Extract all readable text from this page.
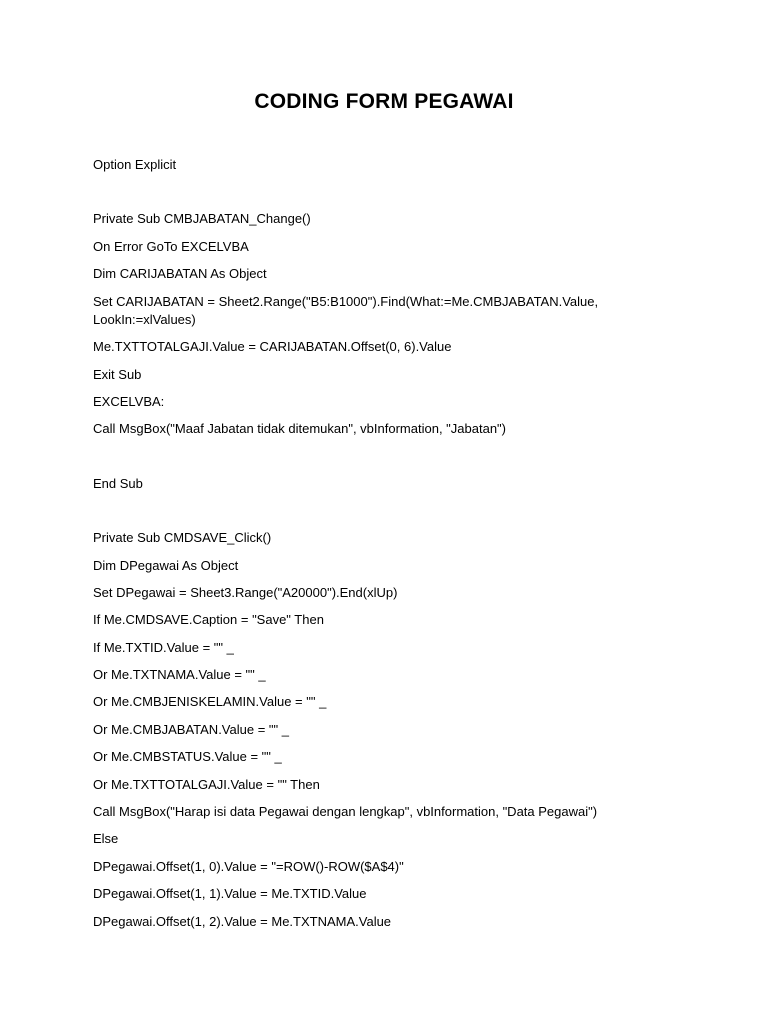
CODING FORM PEGAWAI
Option Explicit
Private Sub CMBJABATAN_Change()
On Error GoTo EXCELVBA
Dim CARIJABATAN As Object
Set CARIJABATAN = Sheet2.Range("B5:B1000").Find(What:=Me.CMBJABATAN.Value,
LookIn:=xlValues)
Me.TXTTOTALGAJI.Value = CARIJABATAN.Offset(0, 6).Value
Exit Sub
EXCELVBA:
Call MsgBox("Maaf Jabatan tidak ditemukan", vbInformation, "Jabatan")
End Sub
Private Sub CMDSAVE_Click()
Dim DPegawai As Object
Set DPegawai = Sheet3.Range("A20000").End(xlUp)
If Me.CMDSAVE.Caption = "Save" Then
If Me.TXTID.Value = "" _
Or Me.TXTNAMA.Value = "" _
Or Me.CMBJENISKELAMIN.Value = "" _
Or Me.CMBJABATAN.Value = "" _
Or Me.CMBSTATUS.Value = "" _
Or Me.TXTTOTALGAJI.Value = "" Then
Call MsgBox("Harap isi data Pegawai dengan lengkap", vbInformation, "Data Pegawai")
Else
DPegawai.Offset(1, 0).Value = "=ROW()-ROW($A$4)"
DPegawai.Offset(1, 1).Value = Me.TXTID.Value
DPegawai.Offset(1, 2).Value = Me.TXTNAMA.Value
